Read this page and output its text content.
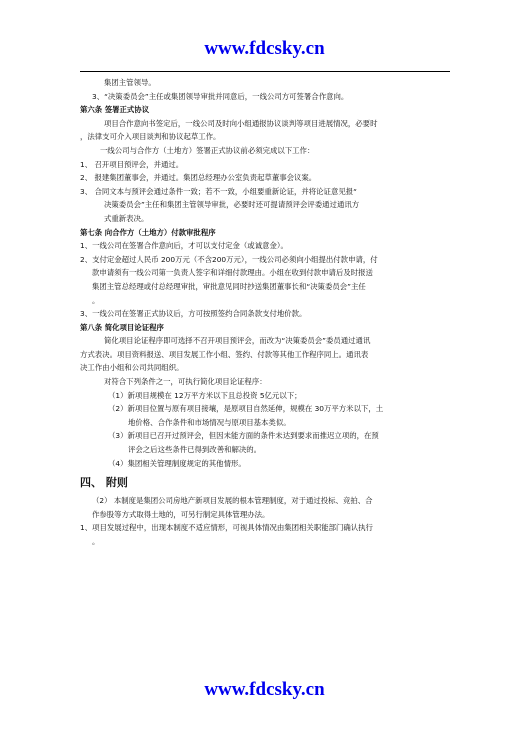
www.fdcsky.cn
集团主管领导。
3、“决策委员会”主任或集团领导审批并同意后，一线公司方可签署合作意向。
第六条 签署正式协议
项目合作意向书签定后，一线公司及时向小组通报协议谈判等项目进展情况，必要时
，法律支可介入项目谈判和协议起草工作。
一线公司与合作方（土地方）签署正式协议前必须完成以下工作：
1、 召开项目预评会，并通过。
2、 报建集团董事会，并通过。集团总经理办公室负责起草董事会议案。
3、 合同文本与预评会通过条件一致；若不一致，小组要重新论证，并将论证意见报“
决策委员会”主任和集团主管领导审批，必要时还可提请预评会评委通过通讯方
式重新表决。
第七条 向合作方（土地方）付款审批程序
1、一线公司在签署合作意向后，才可以支付定金（或诚意金）。
2、支付定金超过人民币 200万元（不含200万元），一线公司必须向小组提出付款申请，付
款申请须有一线公司第一负责人签字和详细付款理由。小组在收到付款申请后及时报送
集团主管总经理或付总经理审批，审批意见同时抄送集团董事长和“决策委员会”主任
。
3、一线公司在签署正式协议后，方可按照签约合同条款支付地价款。
第八条 简化项目论证程序
简化项目论证程序即可选择不召开项目预评会，而改为“决策委员会”委员通过通讯
方式表决。项目资料报送、项目发展工作小组、签约、付款等其他工作程序同上。通讯表
决工作由小组和公司共同组织。
对符合下列条件之一，可执行简化项目论证程序：
（1）新项目规模在 12万平方米以下且总投资 5亿元以下；
（2）新项目位置与原有项目接壤，是原项目自然延伸，规模在 30万平方米以下，土
地价格、合作条件和市场情况与原项目基本类似。
（3）新项目已召开过预评会，但因未能方面的条件未达到要求而推迟立项的，在预
评会之后这些条件已得到改善和解决的。
（4）集团相关管理制度规定的其他情形。
四、 附则
（2） 本制度是集团公司房地产新项目发展的根本管理制度，对于通过投标、竞拍、合
作参股等方式取得土地的，可另行制定具体管理办法。
1、项目发展过程中，出现本制度不适应情形，可视具体情况由集团相关职能部门确认执行
。
www.fdcsky.cn
